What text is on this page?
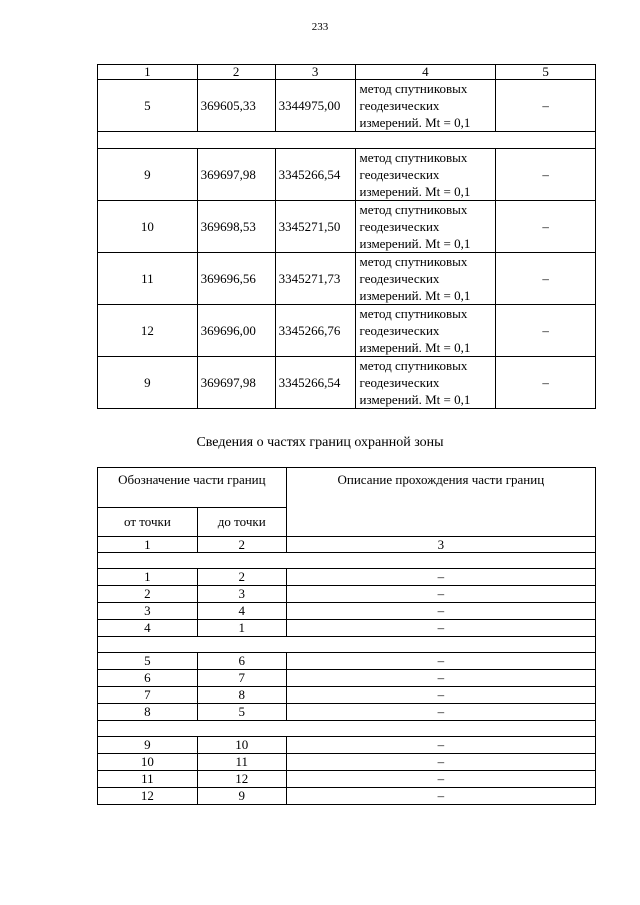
233
1	2	3	4	5
5	369605,33	3344975,00	метод спутниковых
геодезических
измерений. Mt = 0,1	–

9	369697,98	3345266,54	метод спутниковых
геодезических
измерений. Mt = 0,1	–
10	369698,53	3345271,50	метод спутниковых
геодезических
измерений. Mt = 0,1	–
11	369696,56	3345271,73	метод спутниковых
геодезических
измерений. Mt = 0,1	–
12	369696,00	3345266,76	метод спутниковых
геодезических
измерений. Mt = 0,1	–
9	369697,98	3345266,54	метод спутниковых
геодезических
измерений. Mt = 0,1	–
Сведения о частях границ охранной зоны
Обозначение части границ		Описание прохождения части границ
от точки	до точки	
1	2	3

1	2	–
2	3	–
3	4	–
4	1	–

5	6	–
6	7	–
7	8	–
8	5	–

9	10	–
10	11	–
11	12	–
12	9	–
